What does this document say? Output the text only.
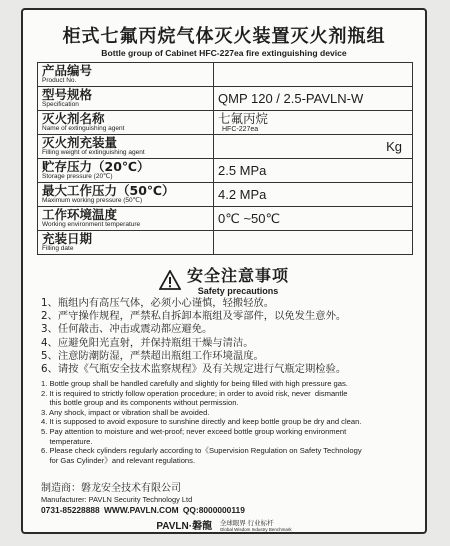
柜式七氟丙烷气体灭火装置灭火剂瓶组
Bottle group of Cabinet HFC-227ea fire extinguishing device
产品编号
Product No.	

型号规格
Specification	QMP 120 / 2.5-PAVLN-W

灭火剂名称
Name of extinguishing agent	七氟丙烷
HFC-227ea

灭火剂充装量
Filling weight of extinguishing agent	Kg

贮存压力（20℃）
Storage pressure (20℃)	2.5 MPa

最大工作压力（50℃）
Maximum working pressure (50℃)	4.2 MPa

工作环境温度
Working environment temperature	0℃ ~50℃

充装日期
Filling date	

安全注意事项
Safety precautions
1、瓶组内有高压气体，必须小心谨慎，轻搬轻放。
2、严守操作规程，严禁私自拆卸本瓶组及零部件，以免发生意外。
3、任何敲击、冲击或震动都应避免。
4、应避免阳光直射，并保持瓶组干燥与清洁。
5、注意防潮防湿，严禁超出瓶组工作环境温度。
6、请按《气瓶安全技术监察规程》及有关规定进行气瓶定期检验。
1. Bottle group shall be handled carefully and slightly for being filled with high pressure gas.
2. It is required to strictly follow operation procedure; in order to avoid risk, never  dismantle
this bottle group and its components without permission.
3. Any shock, impact or vibration shall be avoided.
4. It is supposed to avoid exposure to sunshine directly and keep bottle group be dry and clean.
5. Pay attention to moisture and wet-proof; never exceed bottle group working environment
temperature.
6. Please check cylinders regularly according to《Supervision Regulation on Safety Technology
for Gas Cylinder》and relevant regulations.
制造商：磐龙安全技术有限公司
Manufacturer: PAVLN Security Technology Ltd
0731-85228888 WWW.PAVLN.COM QQ:8000000119
PAVLN·磐龍 全球眼界 行业标杆
Global Wisdom Industry Benchmark
